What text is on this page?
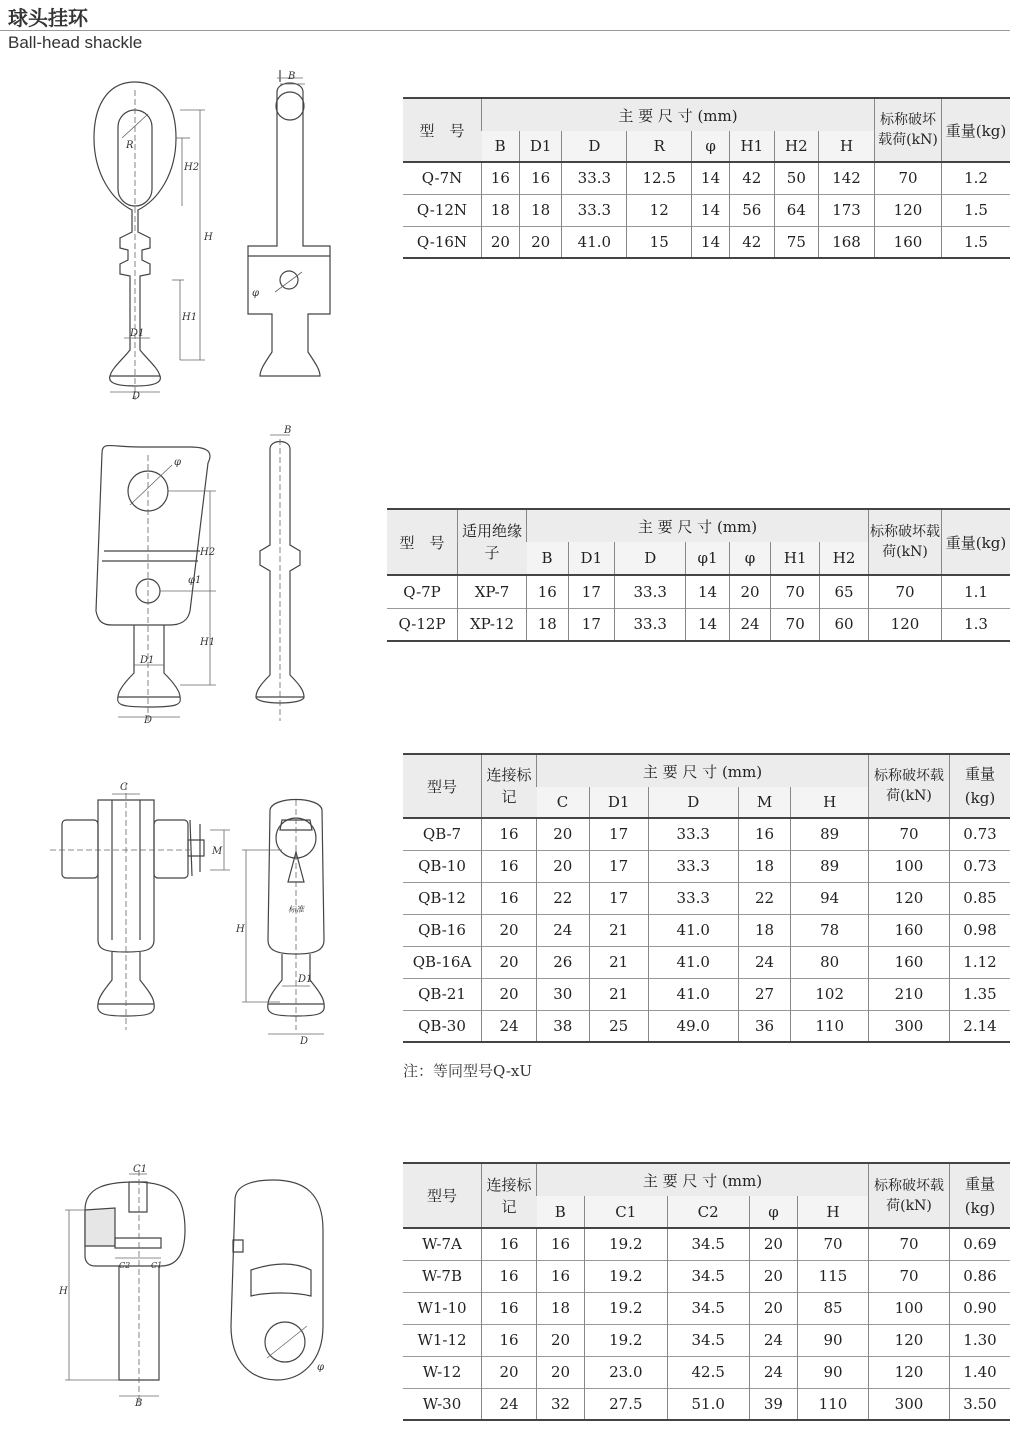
球头挂环
Ball-head shackle
B
R
H2
H
H1
D1
D
φ
φ
H2
φ1
H1
D1
D
B
C
M
H
标准
D1
D
C1
C2	C1
H
B
φ
型　号	主 要 尺 寸 (mm)								标称破坏载荷(kN)	重量(kg)
	B	D1	D	R	φ	H1	H2	H		
Q-7N	16	16	33.3	12.5	14	42	50	142	70	1.2
Q-12N	18	18	33.3	12	14	56	64	173	120	1.5
Q-16N	20	20	41.0	15	14	42	75	168	160	1.5
型　号	适用绝缘子	主 要 尺 寸 (mm)							标称破坏载荷(kN)	重量(kg)
		B	D1	D	φ1	φ	H1	H2		
Q-7P	XP-7	16	17	33.3	14	20	70	65	70	1.1
Q-12P	XP-12	18	17	33.3	14	24	70	60	120	1.3
型号	连接标记	主 要 尺 寸 (mm)					标称破坏载荷(kN)	重量(kg)
		C	D1	D	M	H		
QB-7	16	20	17	33.3	16	89	70	0.73
QB-10	16	20	17	33.3	18	89	100	0.73
QB-12	16	22	17	33.3	22	94	120	0.85
QB-16	20	24	21	41.0	18	78	160	0.98
QB-16A	20	26	21	41.0	24	80	160	1.12
QB-21	20	30	21	41.0	27	102	210	1.35
QB-30	24	38	25	49.0	36	110	300	2.14
注：等同型号Q-xU
型号	连接标记	主 要 尺 寸 (mm)					标称破坏载荷(kN)	重量(kg)
		B	C1	C2	φ	H		
W-7A	16	16	19.2	34.5	20	70	70	0.69
W-7B	16	16	19.2	34.5	20	115	70	0.86
W1-10	16	18	19.2	34.5	20	85	100	0.90
W1-12	16	20	19.2	34.5	24	90	120	1.30
W-12	20	20	23.0	42.5	24	90	120	1.40
W-30	24	32	27.5	51.0	39	110	300	3.50
